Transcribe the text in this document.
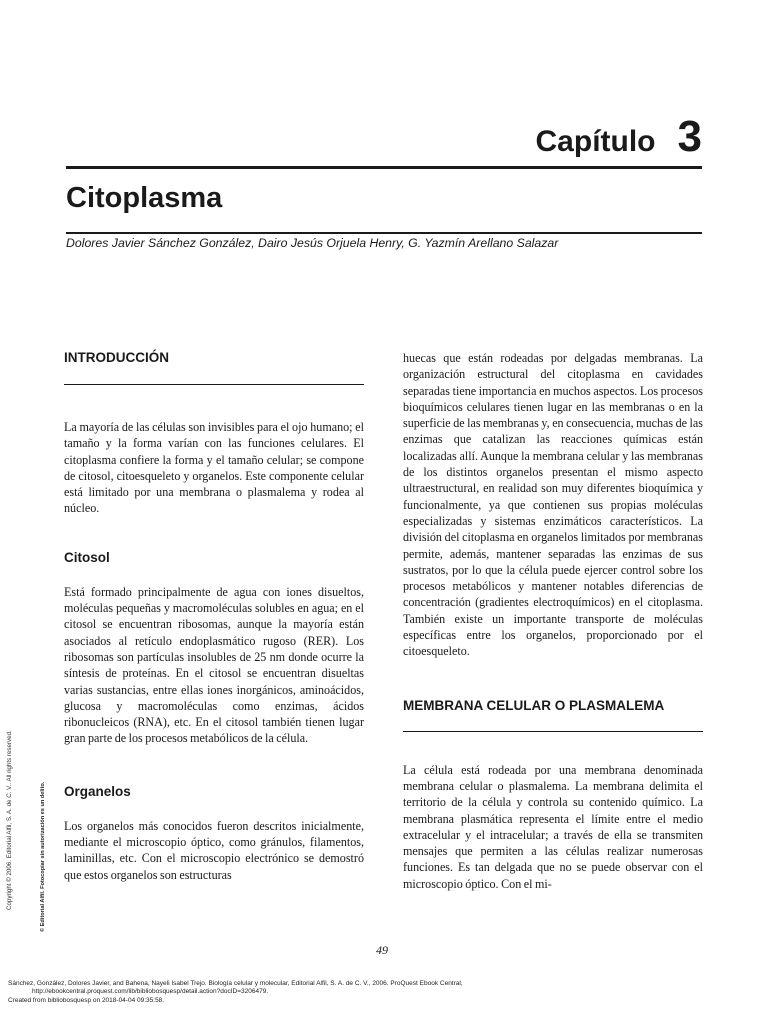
Capítulo 3
Citoplasma

Dolores Javier Sánchez González, Dairo Jesús Orjuela Henry, G. Yazmín Arellano Salazar

INTRODUCCIÓN

La mayoría de las células son invisibles para el ojo humano; el tamaño y la forma varían con las funciones celulares. El citoplasma confiere la forma y el tamaño celular; se compone de citosol, citoesqueleto y organelos. Este componente celular está limitado por una membrana o plasmalema y rodea al núcleo.

Citosol

Está formado principalmente de agua con iones disueltos, moléculas pequeñas y macromoléculas solubles en agua; en el citosol se encuentran ribosomas, aunque la mayoría están asociados al retículo endoplasmático rugoso (RER). Los ribosomas son partículas insolubles de 25 nm donde ocurre la síntesis de proteínas. En el citosol se encuentran disueltas varias sustancias, entre ellas iones inorgánicos, aminoácidos, glucosa y macromoléculas como enzimas, ácidos ribonucleicos (RNA), etc. En el citosol también tienen lugar gran parte de los procesos metabólicos de la célula.

Organelos

Los organelos más conocidos fueron descritos inicialmente, mediante el microscopio óptico, como gránulos, filamentos, laminillas, etc. Con el microscopio electrónico se demostró que estos organelos son estructuras

huecas que están rodeadas por delgadas membranas. La organización estructural del citoplasma en cavidades separadas tiene importancia en muchos aspectos. Los procesos bioquímicos celulares tienen lugar en las membranas o en la superficie de las membranas y, en consecuencia, muchas de las enzimas que catalizan las reacciones químicas están localizadas allí. Aunque la membrana celular y las membranas de los distintos organelos presentan el mismo aspecto ultraestructural, en realidad son muy diferentes bioquímica y funcionalmente, ya que contienen sus propias moléculas especializadas y sistemas enzimáticos característicos. La división del citoplasma en organelos limitados por membranas permite, además, mantener separadas las enzimas de sus sustratos, por lo que la célula puede ejercer control sobre los procesos metabólicos y mantener notables diferencias de concentración (gradientes electroquímicos) en el citoplasma. También existe un importante transporte de moléculas específicas entre los organelos, proporcionado por el citoesqueleto.

MEMBRANA CELULAR O PLASMALEMA

La célula está rodeada por una membrana denominada membrana celular o plasmalema. La membrana delimita el territorio de la célula y controla su contenido químico. La membrana plasmática representa el límite entre el medio extracelular y el intracelular; a través de ella se transmiten mensajes que permiten a las células realizar numerosas funciones. Es tan delgada que no se puede observar con el microscopio óptico. Con el mi-

49
Copyright © 2006. Editorial Alfil, S. A. de C. V.. All rights reserved.	© Editorial Alfil. Fotocopiar sin autorización es un delito.
Sánchez, González, Dolores Javier, and Bahena, Nayeli Isabel Trejo. Biología celular y molecular, Editorial Alfil, S. A. de C. V., 2006. ProQuest Ebook Central,
http://ebookcentral.proquest.com/lib/bibliobosquesp/detail.action?docID=3206479.
Created from bibliobosquesp on 2018-04-04 09:35:58.
